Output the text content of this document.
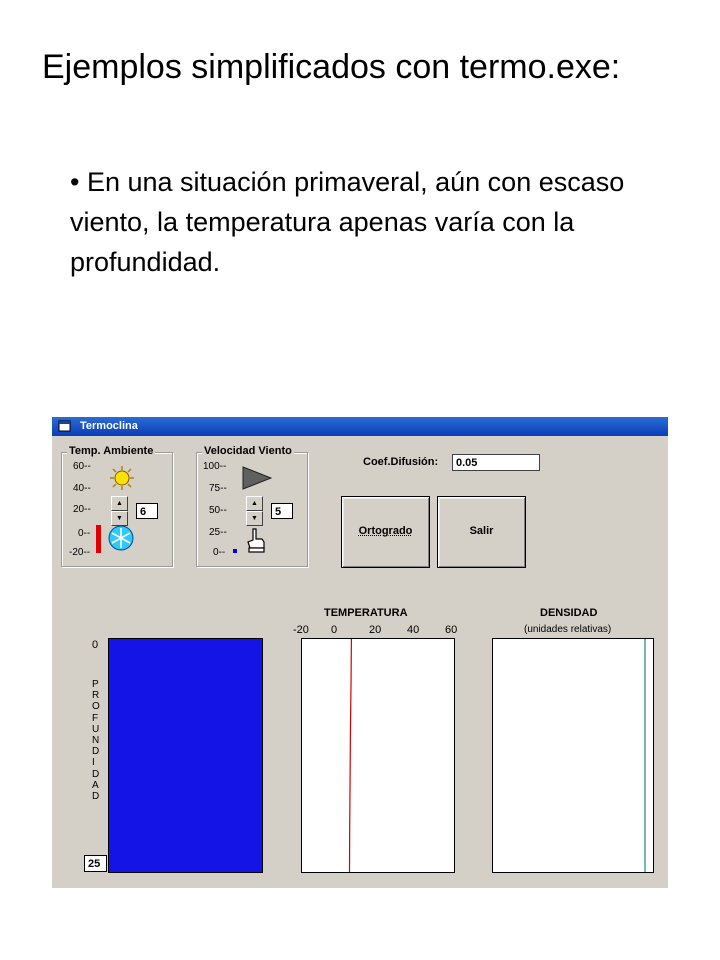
Ejemplos simplificados con termo.exe:

• En una situación primaveral, aún con escaso viento, la temperatura apenas varía con la profundidad.

Termoclina
Temp. Ambiente
60--
40--
20--
0--
-20--
▲
▼
6
Velocidad Viento
100--
75--
50--
25--
0--
▲
▼
5
Coef.Difusión:	0.05
Ortogrado	Salir
0
P
R
O
F
U
N
D
I
D
A
D
25
TEMPERATURA
-20 0	20 40 60
DENSIDAD
(unidades relativas)
